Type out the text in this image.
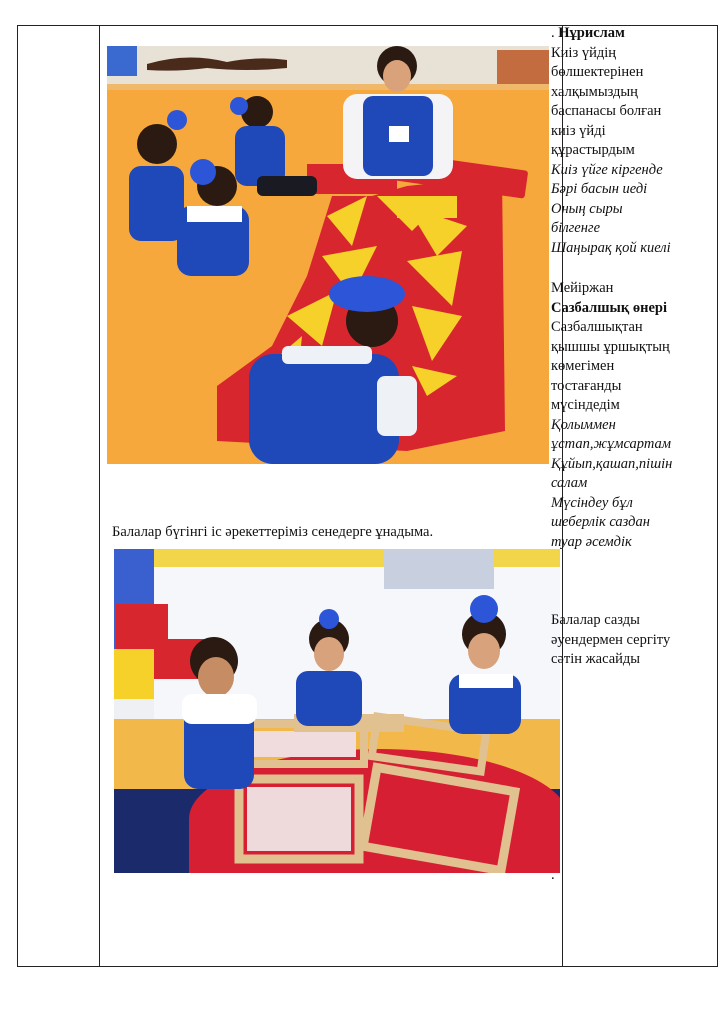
Балалар бүгінгі іс әрекеттеріміз сенедерге ұнадыма.

. Нұрислам

Киіз үйдің

бөлшектерінен

халқымыздың

баспанасы болған

киіз үйді

құрастырдым

Киіз үйге кіргенде

Бәрі басын иеді

Оның сыры

білгенге

Шаңырақ қой киелі

Мейіржан

Сазбалшық өнері

Сазбалшықтан

қышшы ұршықтың

көмегімен

тостағанды

мүсіндедім

Қолыммен

ұстап,жұмсартам

Құйып,қашап,пішін

салам

Мүсіндеу бұл

шеберлік саздан

туар әсемдік

Балалар сазды

әуендермен сергіту

сәтін жасайды

.
